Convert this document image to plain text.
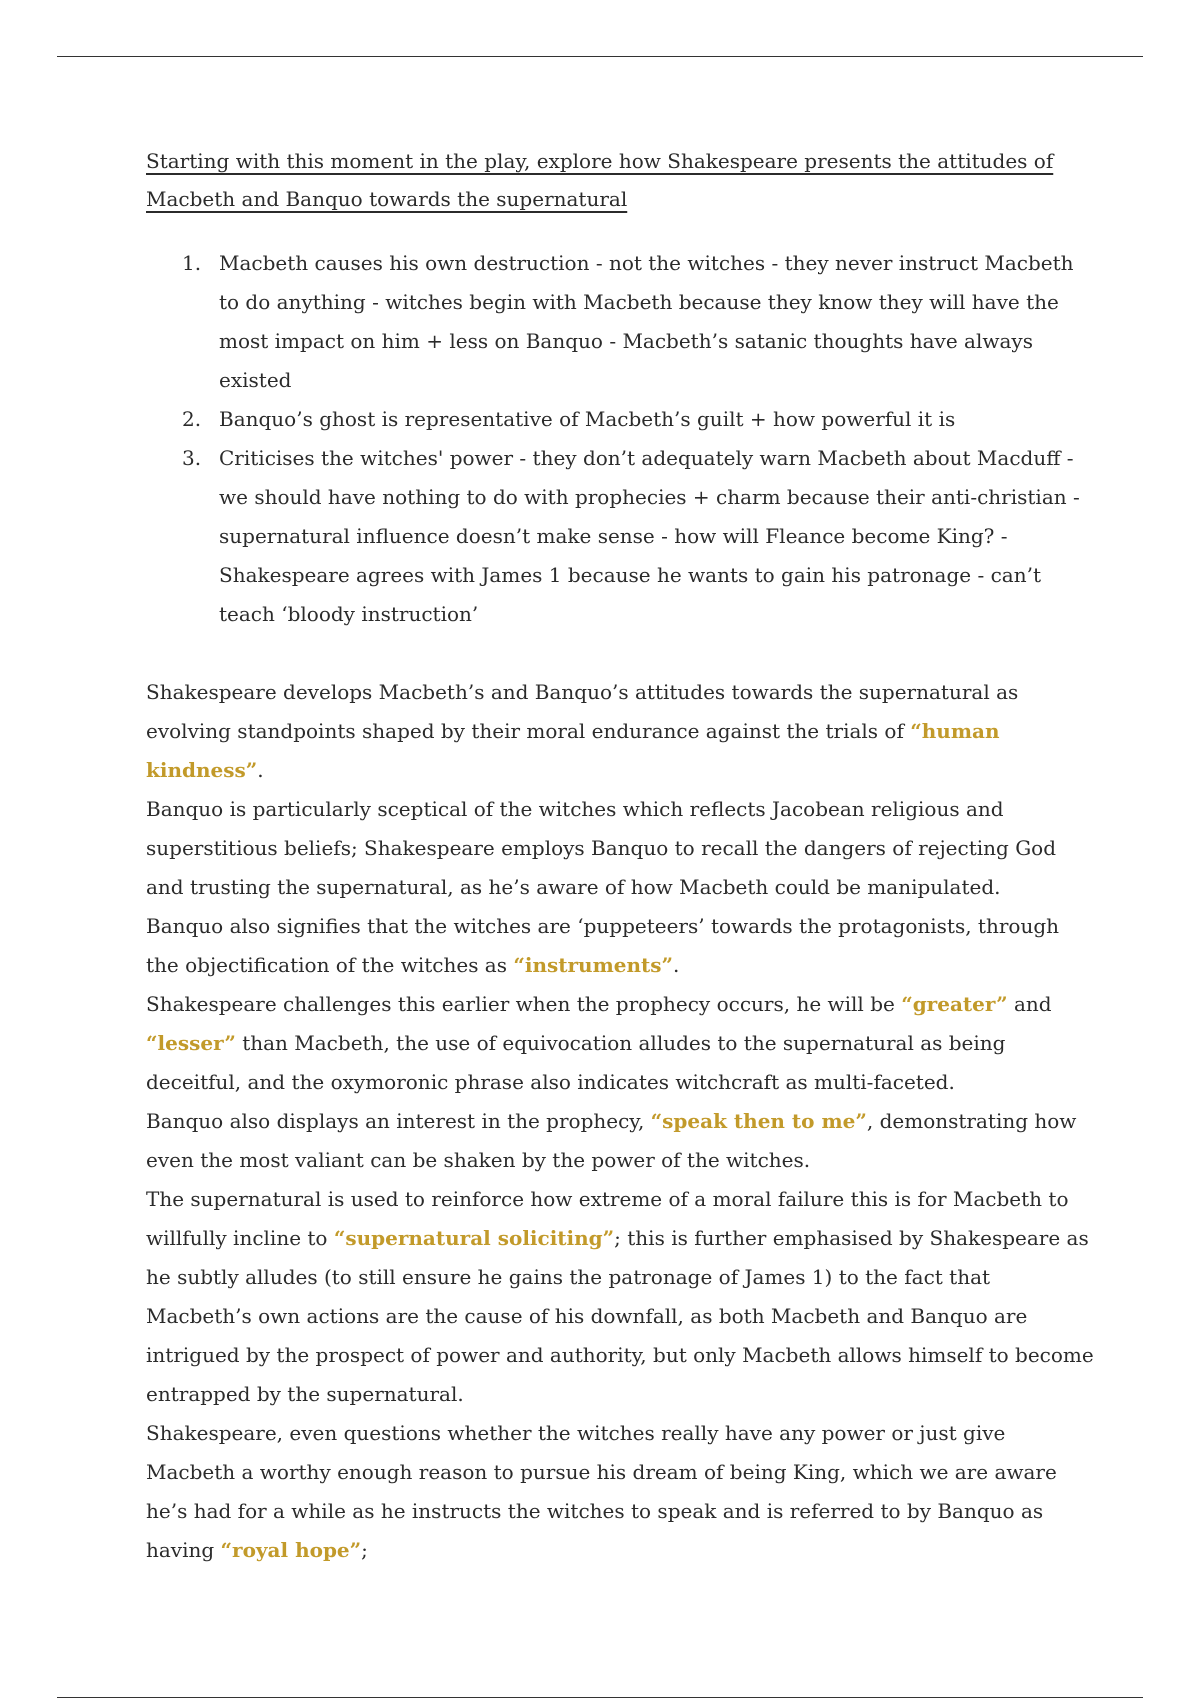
Starting with this moment in the play, explore how Shakespeare presents the attitudes of Macbeth and Banquo towards the supernatural
1. Macbeth causes his own destruction - not the witches - they never instruct Macbeth to do anything - witches begin with Macbeth because they know they will have the most impact on him + less on Banquo - Macbeth’s satanic thoughts have always existed
2. Banquo’s ghost is representative of Macbeth’s guilt + how powerful it is
3. Criticises the witches' power - they don’t adequately warn Macbeth about Macduff - we should have nothing to do with prophecies + charm because their anti-christian - supernatural influence doesn’t make sense - how will Fleance become King? - Shakespeare agrees with James 1 because he wants to gain his patronage - can’t teach ‘bloody instruction’

Shakespeare develops Macbeth’s and Banquo’s attitudes towards the supernatural as evolving standpoints shaped by their moral endurance against the trials of “human kindness”.

Banquo is particularly sceptical of the witches which reflects Jacobean religious and superstitious beliefs; Shakespeare employs Banquo to recall the dangers of rejecting God and trusting the supernatural, as he’s aware of how Macbeth could be manipulated.

Banquo also signifies that the witches are ‘puppeteers’ towards the protagonists, through the objectification of the witches as “instruments”.

Shakespeare challenges this earlier when the prophecy occurs, he will be “greater” and “lesser” than Macbeth, the use of equivocation alludes to the supernatural as being deceitful, and the oxymoronic phrase also indicates witchcraft as multi-faceted.

Banquo also displays an interest in the prophecy, “speak then to me”, demonstrating how even the most valiant can be shaken by the power of the witches.

The supernatural is used to reinforce how extreme of a moral failure this is for Macbeth to willfully incline to “supernatural soliciting”; this is further emphasised by Shakespeare as he subtly alludes (to still ensure he gains the patronage of James 1) to the fact that Macbeth’s own actions are the cause of his downfall, as both Macbeth and Banquo are intrigued by the prospect of power and authority, but only Macbeth allows himself to become entrapped by the supernatural.

Shakespeare, even questions whether the witches really have any power or just give Macbeth a worthy enough reason to pursue his dream of being King, which we are aware he’s had for a while as he instructs the witches to speak and is referred to by Banquo as having “royal hope”;
